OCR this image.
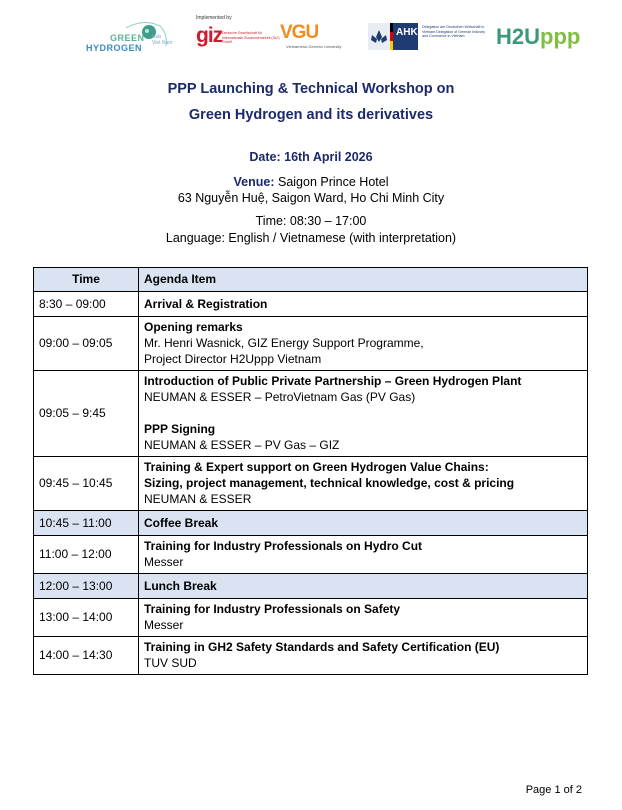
GREEN
HYDROGEN
Hub
Viet Nam
Implemented by
giz Deutsche Gesellschaft für Internationale Zusammenarbeit (GIZ) GmbH	VGU
Vietnamese-German University
AHK Delegation der Deutschen Wirtschaft in Vietnam Delegation of German Industry and Commerce in Vietnam	H2Uppp
PPP Launching & Technical Workshop on
Green Hydrogen and its derivatives
Date: 16th April 2026
Venue: Saigon Prince Hotel
63 Nguyễn Huệ, Saigon Ward, Ho Chi Minh City
Time: 08:30 – 17:00
Language: English / Vietnamese (with interpretation)
Time	Agenda Item
8:30 – 09:00	Arrival & Registration

09:00 – 09:05	Opening remarks
Mr. Henri Wasnick, GIZ Energy Support Programme,
Project Director H2Uppp Vietnam

09:05 – 9:45	Introduction of Public Private Partnership – Green Hydrogen Plant
NEUMAN & ESSER – PetroVietnam Gas (PV Gas)
PPP Signing
NEUMAN & ESSER – PV Gas – GIZ

09:45 – 10:45	Training & Expert support on Green Hydrogen Value Chains:
Sizing, project management, technical knowledge, cost & pricing
NEUMAN & ESSER

10:45 – 11:00	Coffee Break

11:00 – 12:00	Training for Industry Professionals on Hydro Cut
Messer

12:00 – 13:00	Lunch Break

13:00 – 14:00	Training for Industry Professionals on Safety
Messer

14:00 – 14:30	Training in GH2 Safety Standards and Safety Certification (EU)
TUV SUD
Page 1 of 2
